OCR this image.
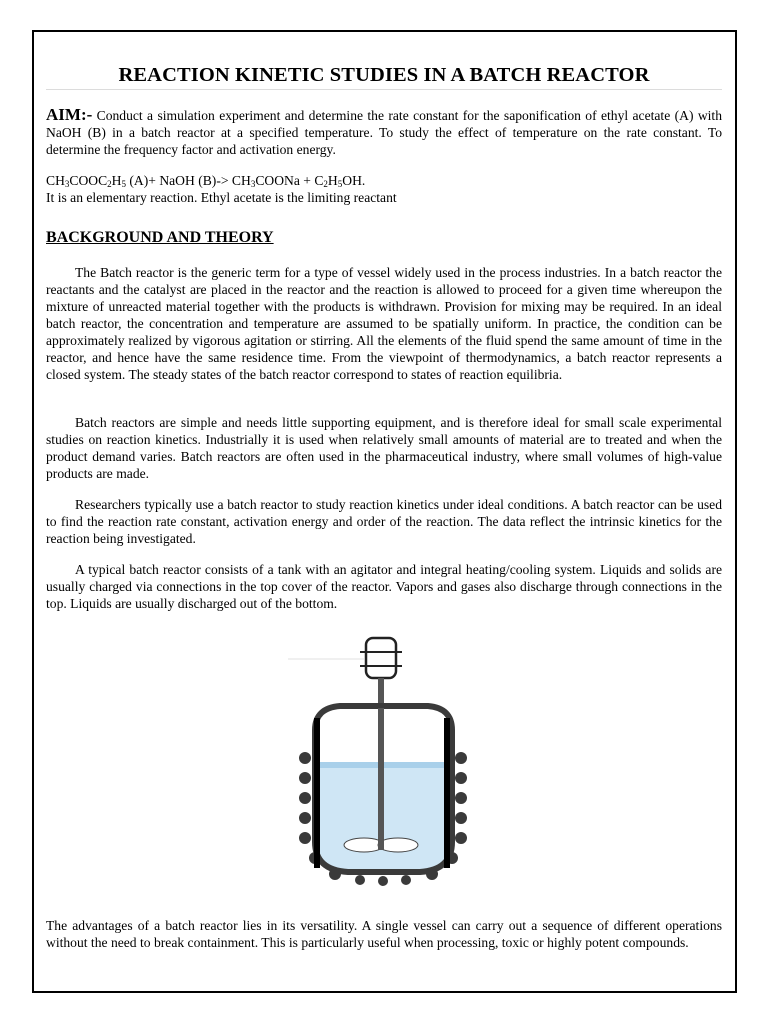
REACTION KINETIC STUDIES IN A BATCH REACTOR

AIM:- Conduct a simulation experiment and determine the rate constant for the saponification of ethyl acetate (A) with NaOH (B) in a batch reactor at a specified temperature. To study the effect of temperature on the rate constant. To determine the frequency factor and activation energy.

$CH_3COOC_2H_5$ (A)+ NaOH $(B)-> CH_3COONa + C_2H_5OH$.

It is an elementary reaction. Ethyl acetate is the limiting reactant

BACKGROUND AND THEORY

The Batch reactor is the generic term for a type of vessel widely used in the process industries. In a batch reactor the reactants and the catalyst are placed in the reactor and the reaction is allowed to proceed for a given time whereupon the mixture of unreacted material together with the products is withdrawn. Provision for mixing may be required. In an ideal batch reactor, the concentration and temperature are assumed to be spatially uniform. In practice, the condition can be approximately realized by vigorous agitation or stirring. All the elements of the fluid spend the same amount of time in the reactor, and hence have the same residence time. From the viewpoint of thermodynamics, a batch reactor represents a closed system. The steady states of the batch reactor correspond to states of reaction equilibria.

Batch reactors are simple and needs little supporting equipment, and is therefore ideal for small scale experimental studies on reaction kinetics. Industrially it is used when relatively small amounts of material are to treated and when the product demand varies. Batch reactors are often used in the pharmaceutical industry, where small volumes of high-value products are made.

Researchers typically use a batch reactor to study reaction kinetics under ideal conditions. A batch reactor can be used to find the reaction rate constant, activation energy and order of the reaction. The data reflect the intrinsic kinetics for the reaction being investigated.

A typical batch reactor consists of a tank with an agitator and integral heating/cooling system. Liquids and solids are usually charged via connections in the top cover of the reactor. Vapors and gases also discharge through connections in the top. Liquids are usually discharged out of the bottom.

The advantages of a batch reactor lies in its versatility. A single vessel can carry out a sequence of different operations without the need to break containment. This is particularly useful when processing, toxic or highly potent compounds.
